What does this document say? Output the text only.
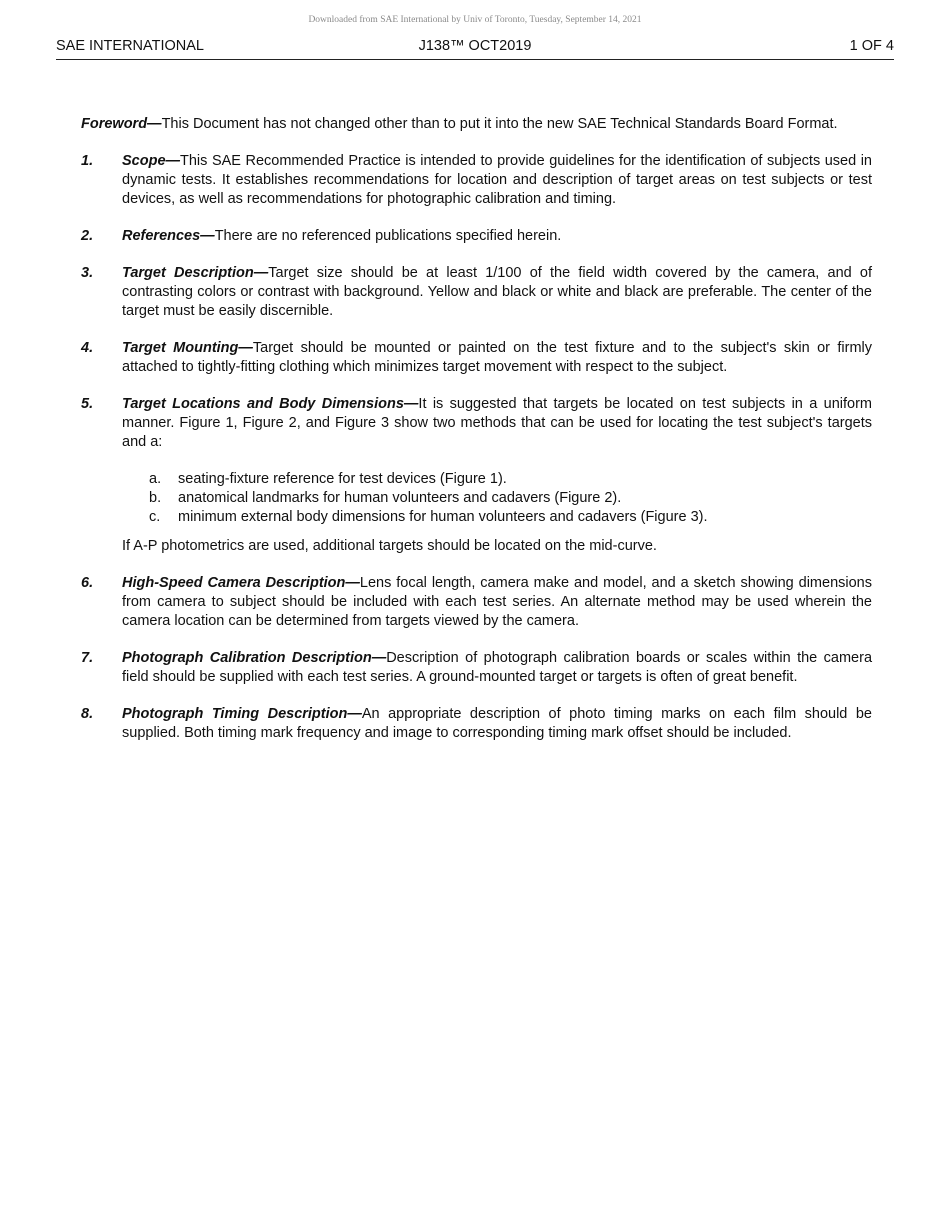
Downloaded from SAE International by Univ of Toronto, Tuesday, September 14, 2021
J138™ OCT2019
SAE INTERNATIONAL	1 OF 4

Foreword—This Document has not changed other than to put it into the new SAE Technical Standards Board Format.

1.	Scope—This SAE Recommended Practice is intended to provide guidelines for the identification of subjects used in dynamic tests. It establishes recommendations for location and description of target areas on test subjects or test devices, as well as recommendations for photographic calibration and timing.
2.	References—There are no referenced publications specified herein.
3.	Target Description—Target size should be at least 1/100 of the field width covered by the camera, and of contrasting colors or contrast with background. Yellow and black or white and black are preferable. The center of the target must be easily discernible.
4.	Target Mounting—Target should be mounted or painted on the test fixture and to the subject's skin or firmly attached to tightly-fitting clothing which minimizes target movement with respect to the subject.
5.	Target Locations and Body Dimensions—It is suggested that targets be located on test subjects in a uniform manner. Figure 1, Figure 2, and Figure 3 show two methods that can be used for locating the test subject's targets and a:
a.	seating-fixture reference for test devices (Figure 1).
b.	anatomical landmarks for human volunteers and cadavers (Figure 2).
c.	minimum external body dimensions for human volunteers and cadavers (Figure 3).
If A-P photometrics are used, additional targets should be located on the mid-curve.
6.	High-Speed Camera Description—Lens focal length, camera make and model, and a sketch showing dimensions from camera to subject should be included with each test series. An alternate method may be used wherein the camera location can be determined from targets viewed by the camera.
7.	Photograph Calibration Description—Description of photograph calibration boards or scales within the camera field should be supplied with each test series. A ground-mounted target or targets is often of great benefit.
8.	Photograph Timing Description—An appropriate description of photo timing marks on each film should be supplied. Both timing mark frequency and image to corresponding timing mark offset should be included.
